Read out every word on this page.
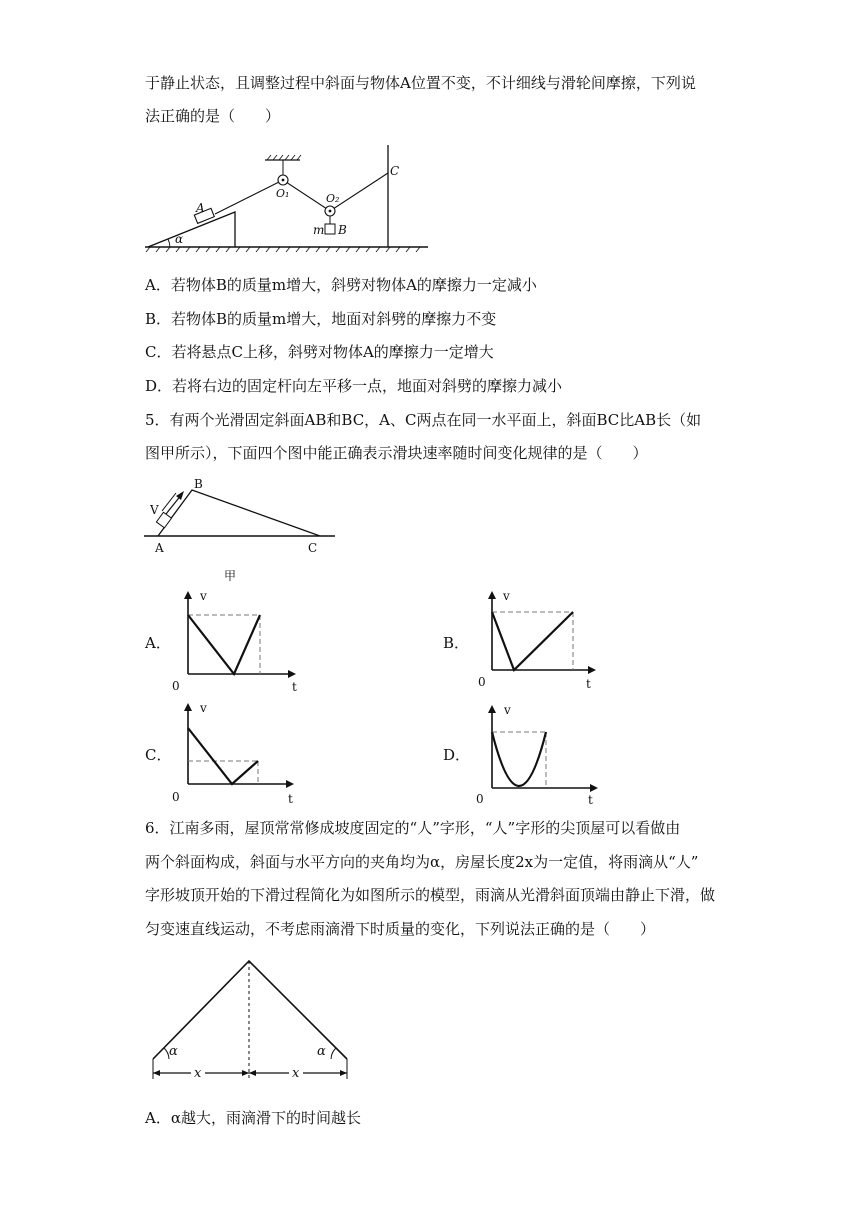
于静止状态，且调整过程中斜面与物体A位置不变，不计细线与滑轮间摩擦，下列说
法正确的是（　　）
A
α
O₁	O₂
C
m B
A．若物体B的质量m增大，斜劈对物体A的摩擦力一定减小
B．若物体B的质量m增大，地面对斜劈的摩擦力不变
C．若将悬点C上移，斜劈对物体A的摩擦力一定增大
D．若将右边的固定杆向左平移一点，地面对斜劈的摩擦力减小
5．有两个光滑固定斜面AB和BC，A、C两点在同一水平面上，斜面BC比AB长（如
图甲所示），下面四个图中能正确表示滑块速率随时间变化规律的是（　　）
V
A
B
C
甲
A．
v
t
0
B．
v
t
0
C．
v
t
0
D．
v
t
0
6．江南多雨，屋顶常常修成坡度固定的“人”字形，“人”字形的尖顶屋可以看做由
两个斜面构成，斜面与水平方向的夹角均为α，房屋长度2x为一定值，将雨滴从“人”
字形坡顶开始的下滑过程简化为如图所示的模型，雨滴从光滑斜面顶端由静止下滑，做
匀变速直线运动，不考虑雨滴滑下时质量的变化，下列说法正确的是（　　）
α	α
x	x
A．α越大，雨滴滑下的时间越长
